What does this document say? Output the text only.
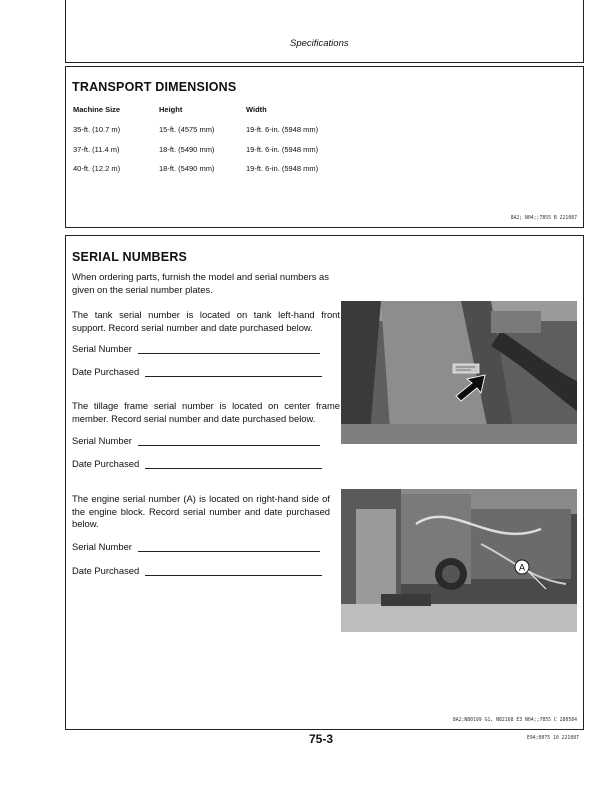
Specifications
TRANSPORT DIMENSIONS
Machine Size	Height	Width
35-ft. (10.7 m)	15-ft. (4575 mm)	19-ft. 6-in. (5948 mm)
37-ft. (11.4 m)	18-ft. (5490 mm)	19-ft. 6-in. (5948 mm)
40-ft. (12.2 m)	18-ft. (5490 mm)	19-ft. 6-in. (5948 mm)
8A2; N04;;7855 B 221087
SERIAL NUMBERS
When ordering parts, furnish the model and serial numbers as given on the serial number plates.
The tank serial number is located on tank left-hand front support. Record serial number and date purchased below.
Serial Number
Date Purchased
The tillage frame serial number is located on center frame member. Record serial number and date purchased below.
Serial Number
Date Purchased
The engine serial number (A) is located on right-hand side of the engine block. Record serial number and date purchased below.
Serial Number
Date Purchased
8A2;N80199 G1, N82168 E3 N04;;7855 C 280584
A
75-3	E94;0075 10 221087
